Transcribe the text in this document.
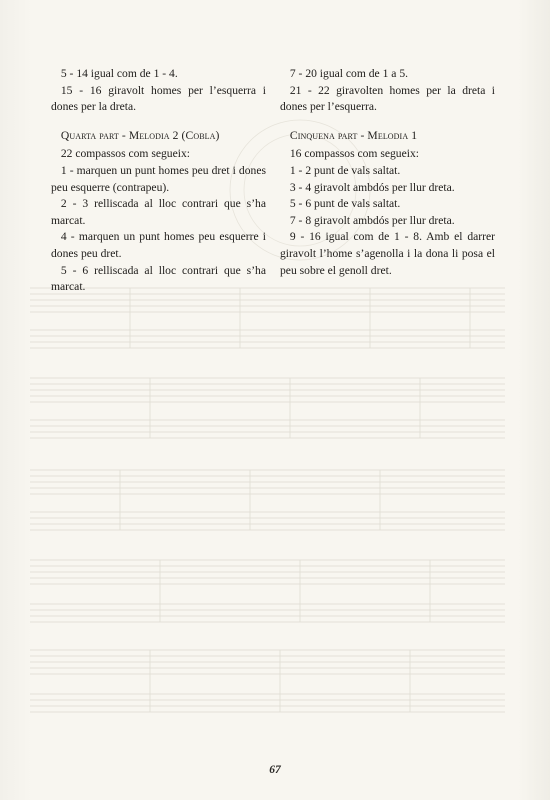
5 - 14 igual com de 1 - 4.

15 - 16 giravolt homes per l’esquerra i dones per la dreta.

Quarta part - Melodia 2 (Cobla)

22 compassos com segueix:

1 - marquen un punt homes peu dret i dones peu esquerre (contrapeu).

2 - 3 relliscada al lloc contrari que s’ha marcat.

4 - marquen un punt homes peu esquerre i dones peu dret.

5 - 6 relliscada al lloc contrari que s’ha marcat.

7 - 20 igual com de 1 a 5.

21 - 22 giravolten homes per la dreta i dones per l’esquerra.

Cinquena part - Melodia 1

16 compassos com segueix:

1 - 2 punt de vals saltat.

3 - 4 giravolt ambdós per llur dreta.

5 - 6 punt de vals saltat.

7 - 8 giravolt ambdós per llur dreta.

9 - 16 igual com de 1 - 8. Amb el darrer giravolt l’home s’agenolla i la dona li posa el peu sobre el genoll dret.

67
